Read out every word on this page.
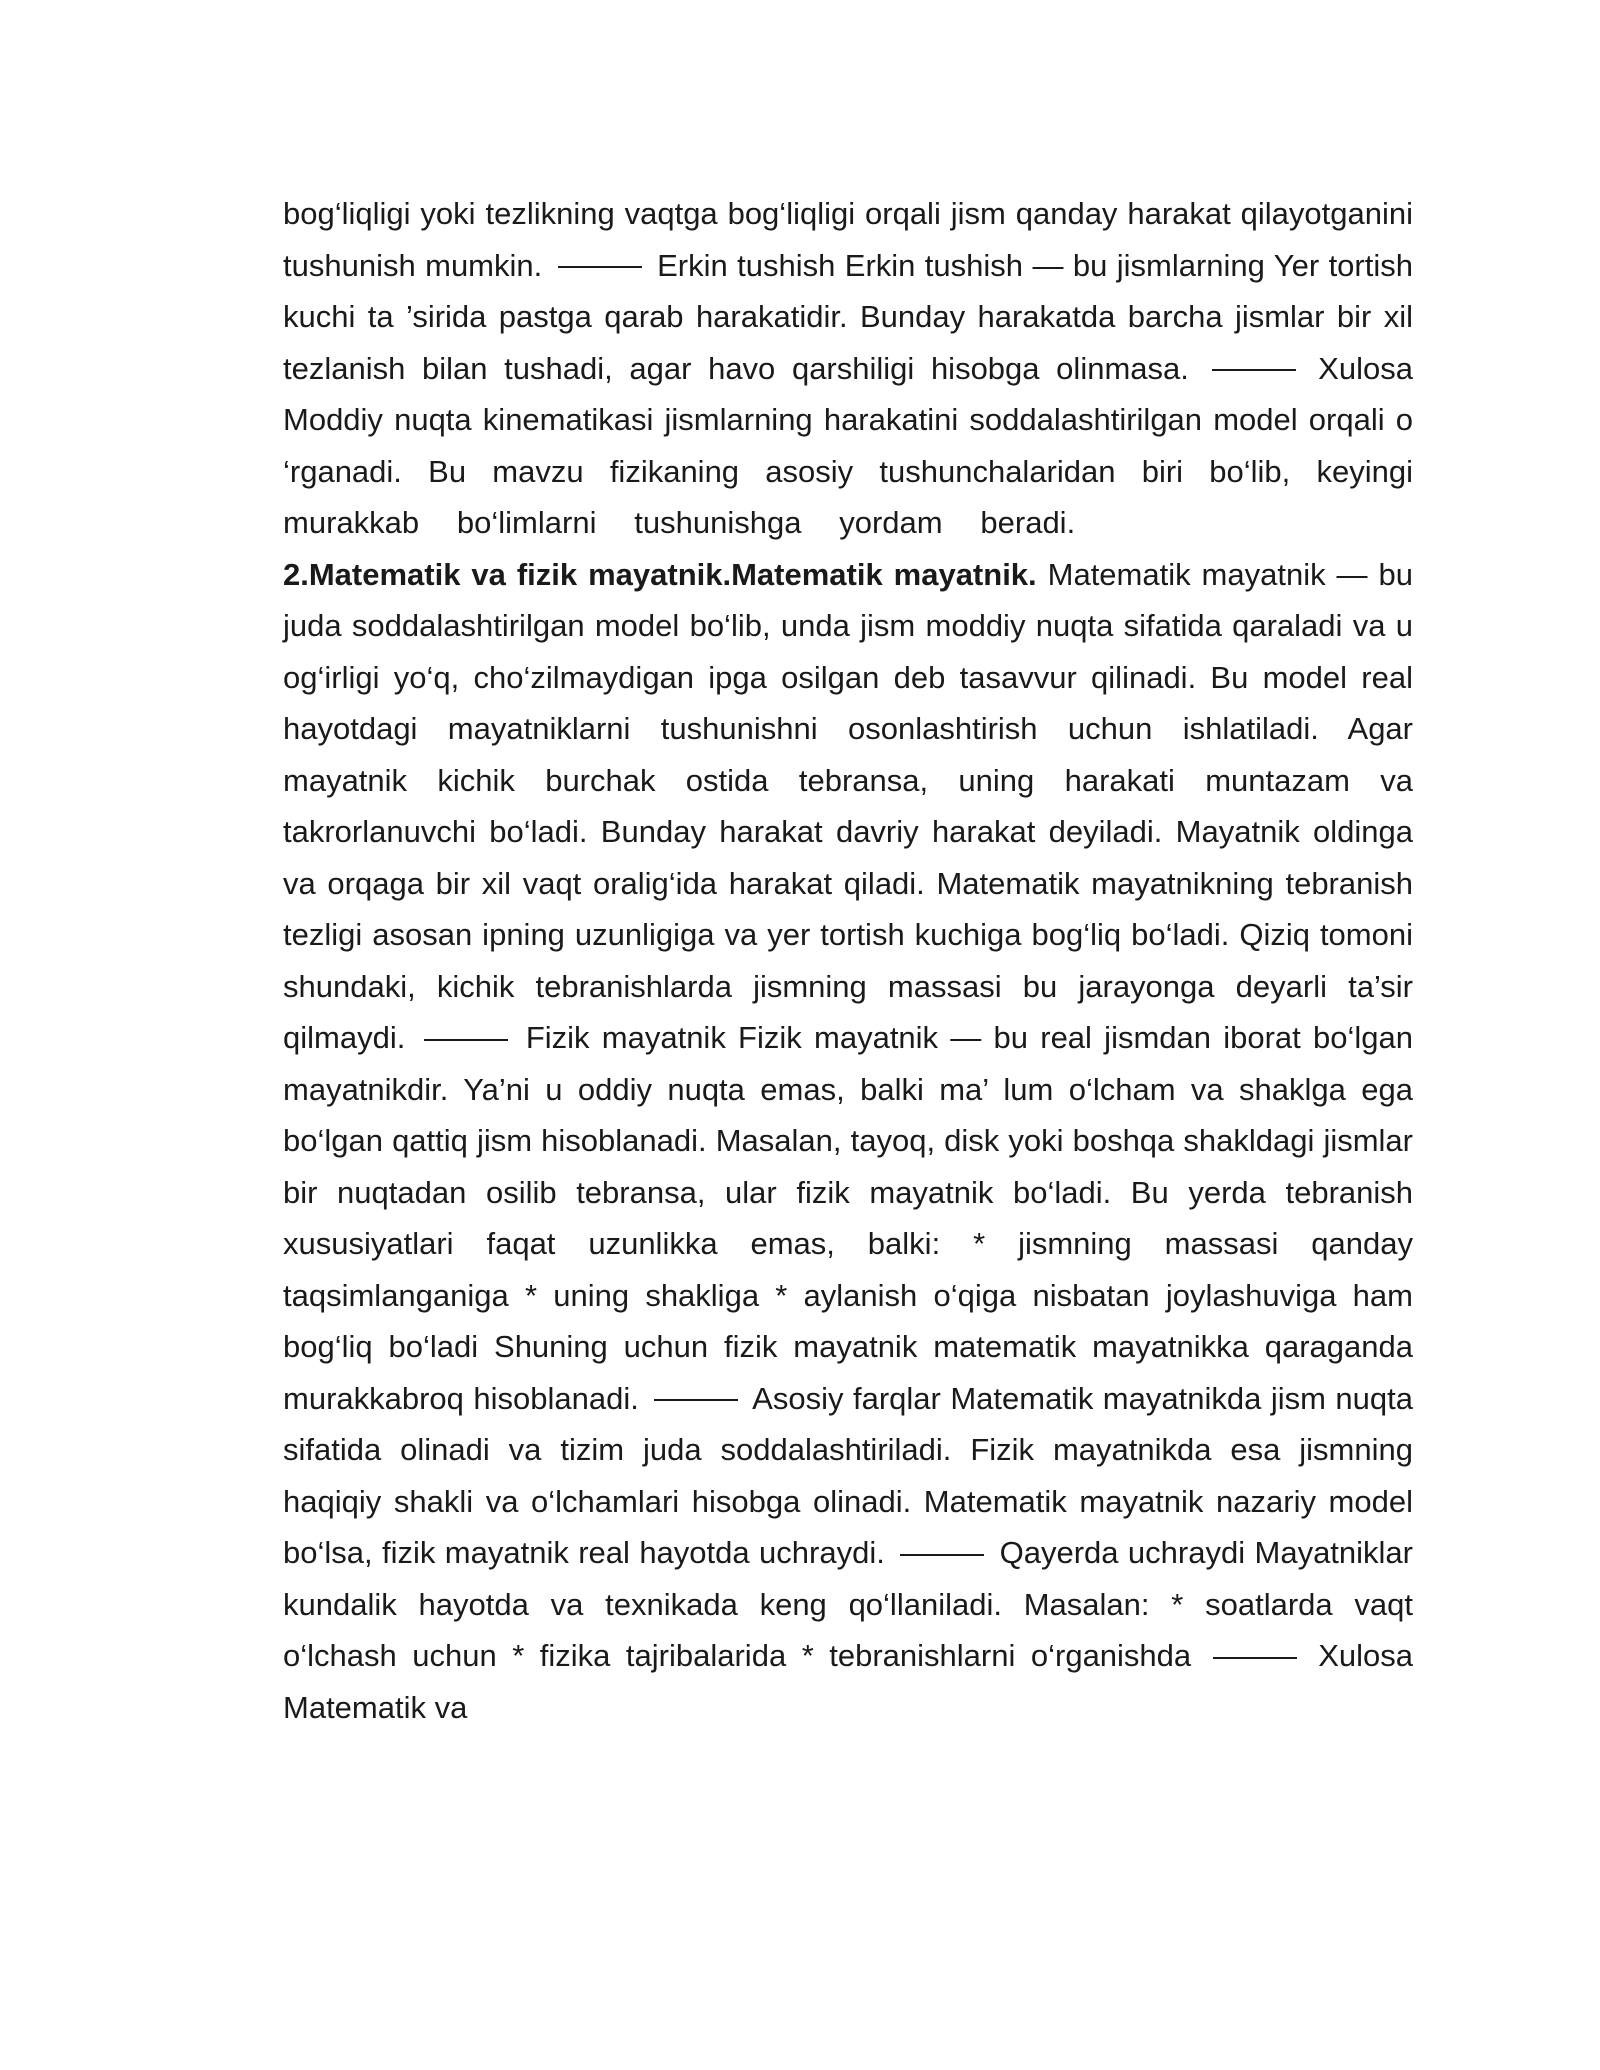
bog‘liqligi yoki tezlikning vaqtga bog‘liqligi orqali jism qanday harakat qilayotganini tushunish mumkin.	Erkin tushish Erkin tushish — bu jismlarning Yer tortish kuchi ta ’sirida pastga qarab harakatidir. Bunday harakatda barcha jismlar bir xil tezlanish bilan tushadi, agar havo qarshiligi hisobga olinmasa.	Xulosa Moddiy nuqta kinematikasi jismlarning harakatini soddalashtirilgan model orqali o ‘rganadi. Bu mavzu fizikaning asosiy tushunchalaridan biri bo‘lib, keyingi murakkab bo‘limlarni tushunishga yordam beradi.  2.Matematik va fizik mayatnik.Matematik mayatnik. Matematik mayatnik — bu juda soddalashtirilgan model bo‘lib, unda jism moddiy nuqta sifatida qaraladi va u og‘irligi yo‘q, cho‘zilmaydigan ipga osilgan deb tasavvur qilinadi. Bu model real hayotdagi mayatniklarni tushunishni osonlashtirish uchun ishlatiladi. Agar mayatnik kichik burchak ostida tebransa, uning harakati muntazam va takrorlanuvchi bo‘ladi. Bunday harakat davriy harakat deyiladi. Mayatnik oldinga va orqaga bir xil vaqt oralig‘ida harakat qiladi. Matematik mayatnikning tebranish tezligi asosan ipning uzunligiga va yer tortish kuchiga bog‘liq bo‘ladi. Qiziq tomoni shundaki, kichik tebranishlarda jismning massasi bu jarayonga deyarli ta’sir qilmaydi.	Fizik mayatnik Fizik mayatnik — bu real jismdan iborat bo‘lgan mayatnikdir. Ya’ni u oddiy nuqta emas, balki ma’ lum o‘lcham va shaklga ega bo‘lgan qattiq jism hisoblanadi. Masalan, tayoq, disk yoki boshqa shakldagi jismlar bir nuqtadan osilib tebransa, ular fizik mayatnik bo‘ladi. Bu yerda tebranish xususiyatlari faqat uzunlikka emas, balki: * jismning massasi qanday taqsimlanganiga * uning shakliga * aylanish o‘qiga nisbatan joylashuviga ham bog‘liq bo‘ladi Shuning uchun fizik mayatnik matematik mayatnikka qaraganda murakkabroq hisoblanadi.	Asosiy farqlar Matematik mayatnikda jism nuqta sifatida olinadi va tizim juda soddalashtiriladi. Fizik mayatnikda esa jismning haqiqiy shakli va o‘lchamlari hisobga olinadi. Matematik mayatnik nazariy model bo‘lsa, fizik mayatnik real hayotda uchraydi.	Qayerda uchraydi Mayatniklar kundalik hayotda va texnikada keng qo‘llaniladi. Masalan: * soatlarda vaqt o‘lchash uchun * fizika tajribalarida * tebranishlarni o‘rganishda	Xulosa Matematik va
